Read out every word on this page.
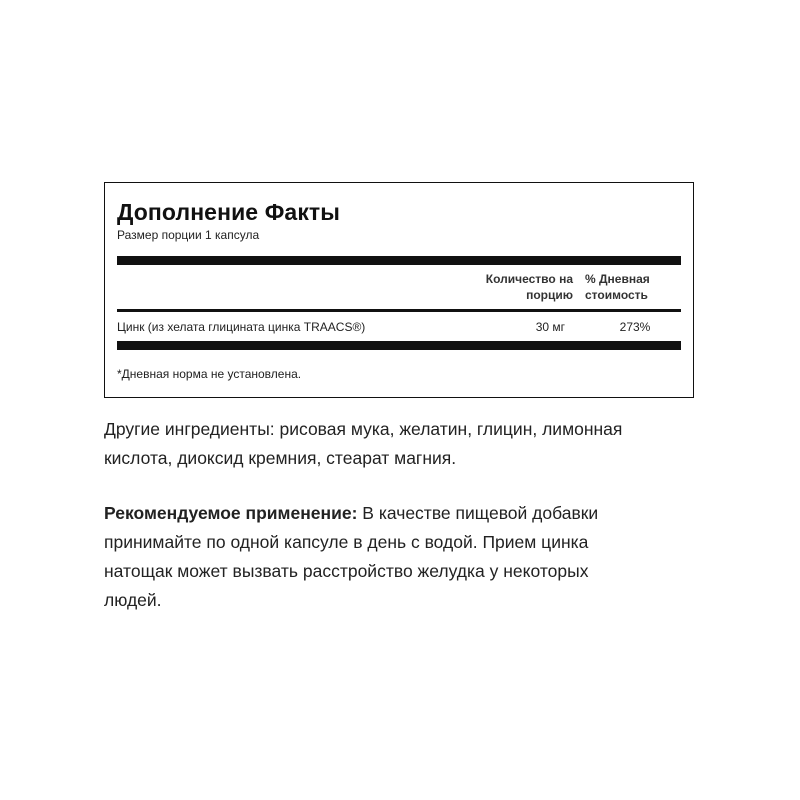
Дополнение Факты
Размер порции 1 капсула
Количество на
порцию
% Дневная
стоимость
Цинк (из хелата глицината цинка TRAACS®)	30 мг	273%
*Дневная норма не установлена.
Другие ингредиенты: рисовая мука, желатин, глицин, лимонная
кислота, диоксид кремния, стеарат магния.
Рекомендуемое применение: В качестве пищевой добавки
принимайте по одной капсуле в день с водой. Прием цинка
натощак может вызвать расстройство желудка у некоторых
людей.
